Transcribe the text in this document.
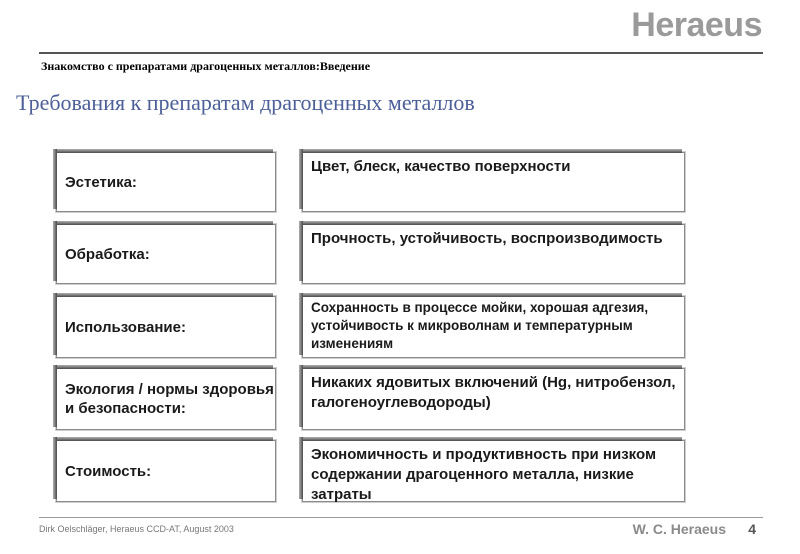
Heraeus
Знакомство с препаратами драгоценных металлов:Введение
Требования к препаратам драгоценных металлов
Эстетика:
Цвет, блеск, качество поверхности
Обработка:
Прочность, устойчивость, воспроизводимость
Использование:
Сохранность в процессе мойки, хорошая адгезия, устойчивость к микроволнам и температурным изменениям
Экология / нормы здоровья и безопасности:
Никаких ядовитых включений (Hg, нитробензол, галогеноуглеводороды)
Стоимость:
Экономичность и продуктивность при низком содержании драгоценного металла, низкие затраты
Dirk Oelschläger, Heraeus CCD-AT, August 2003	W. C. Heraeus 4
